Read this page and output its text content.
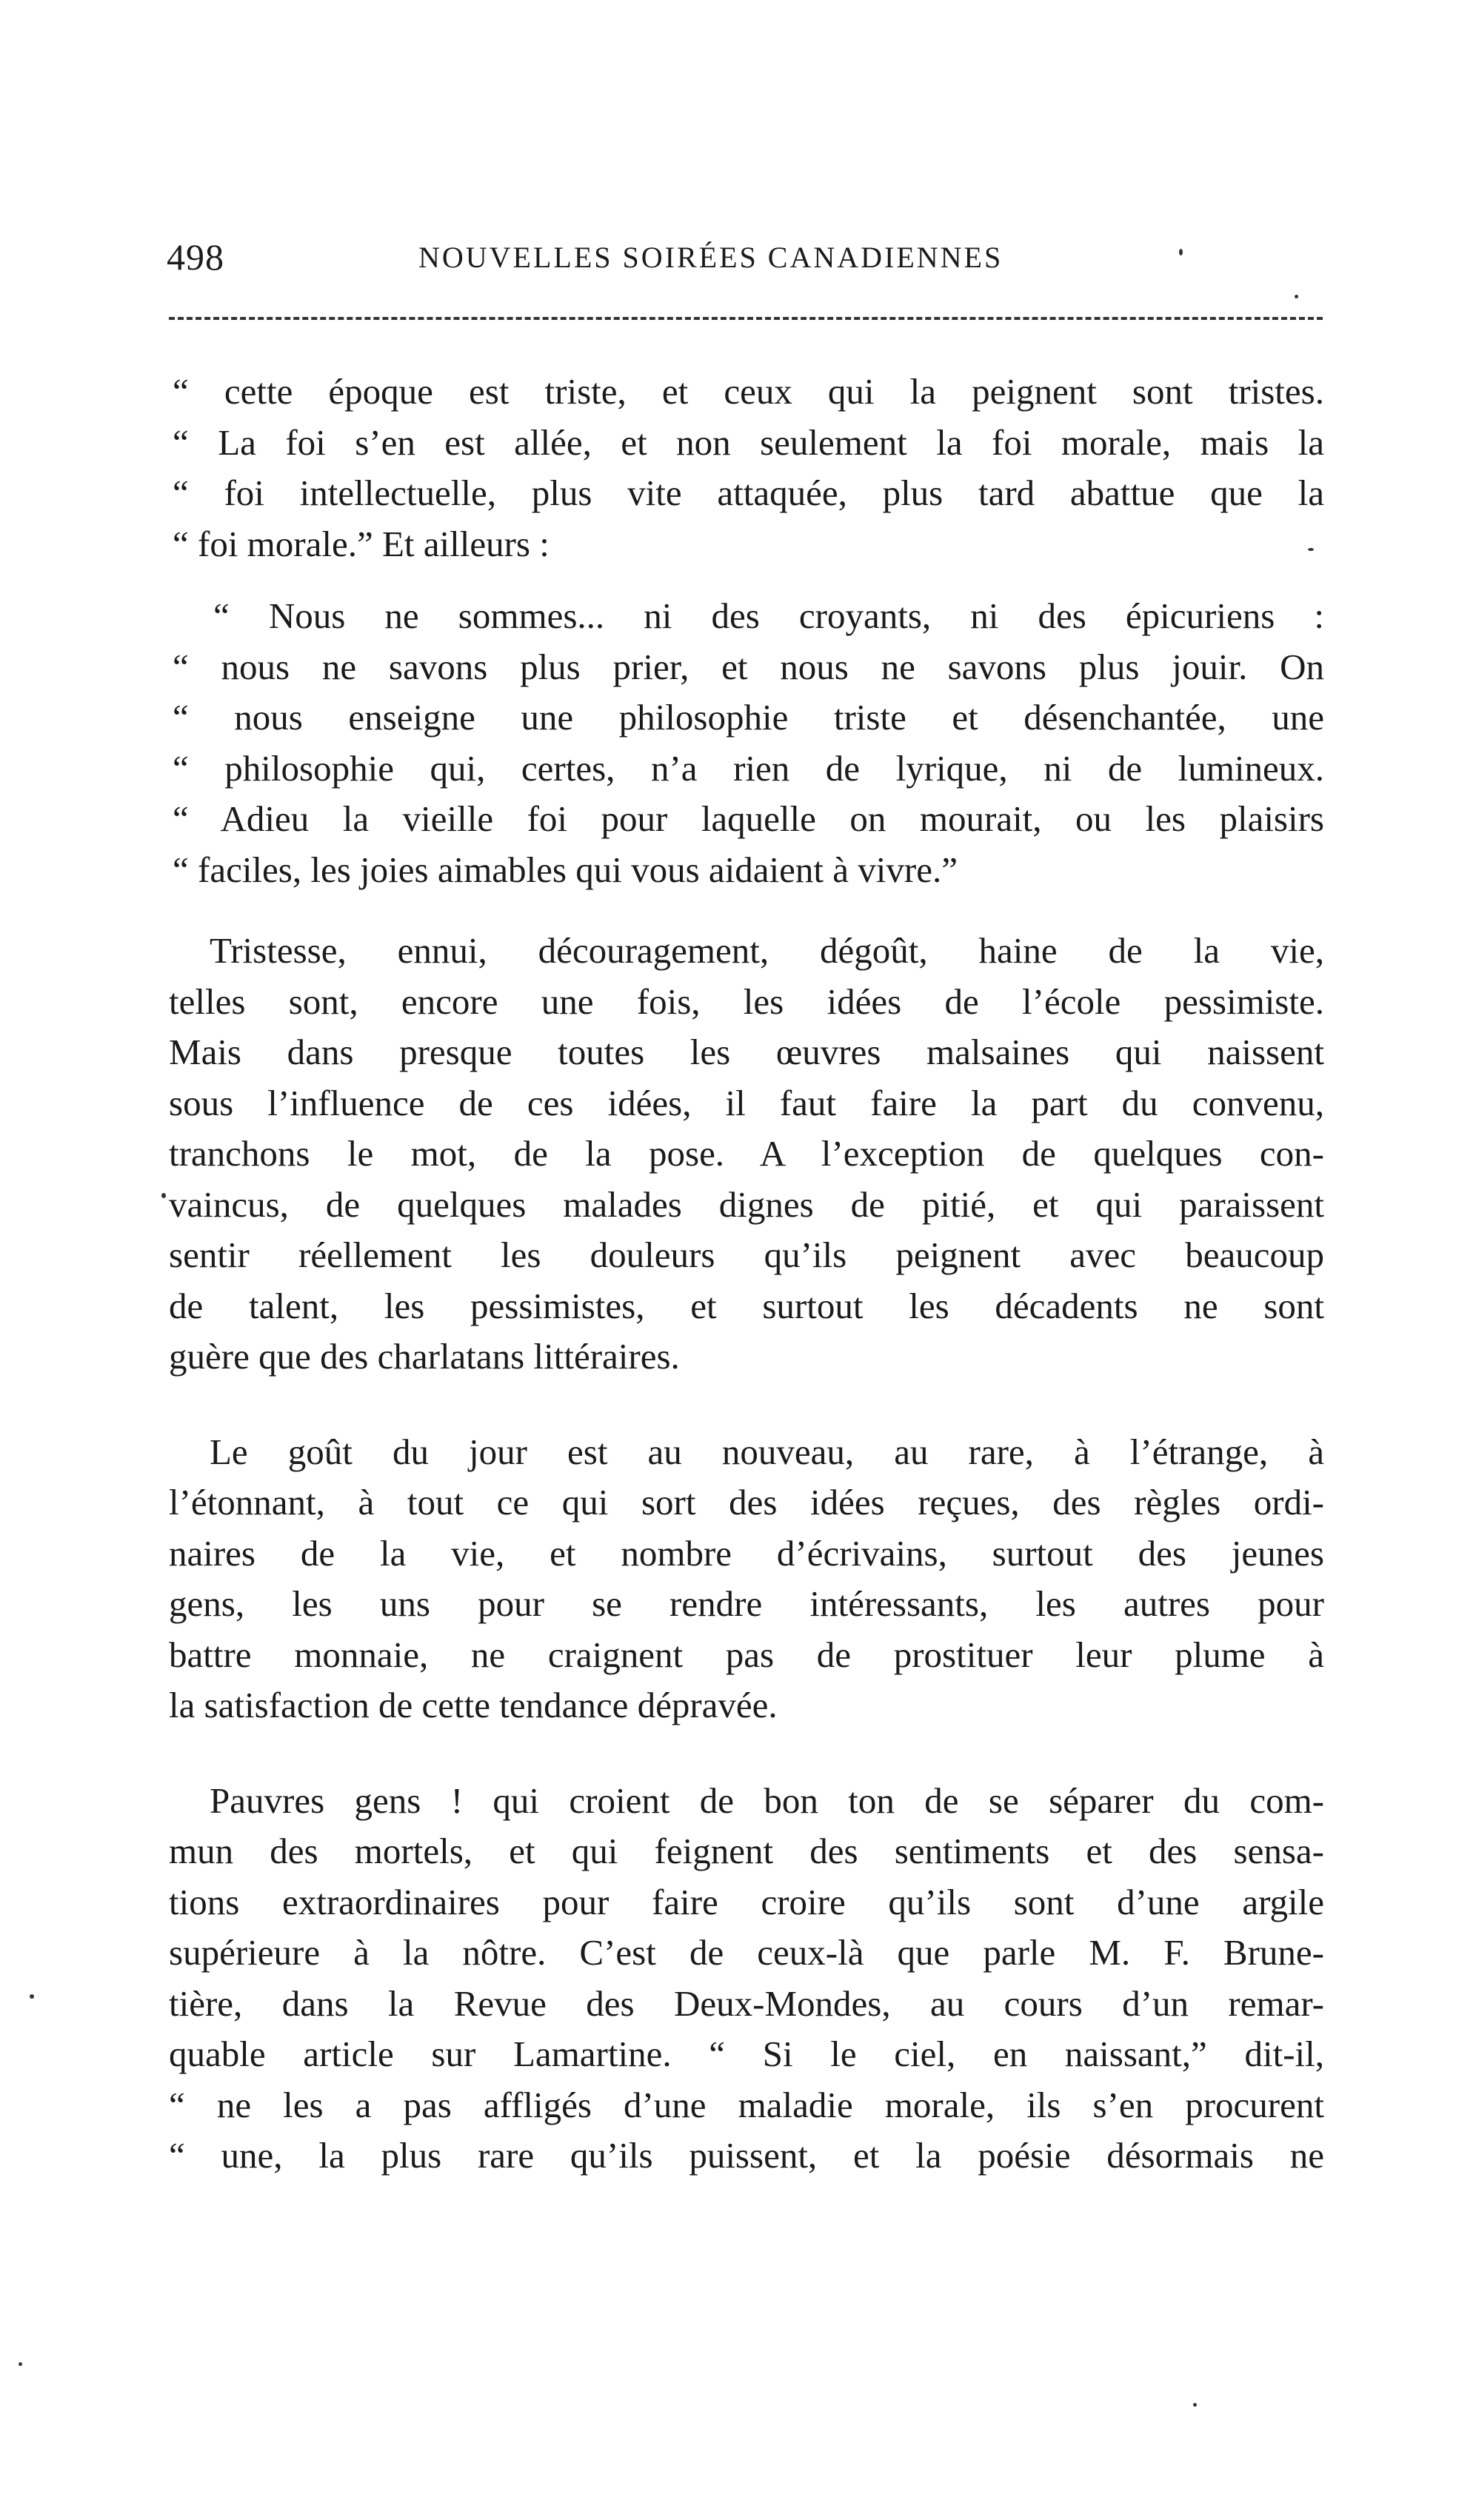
498	NOUVELLES SOIRÉES CANADIENNES
“ cette époque est triste, et ceux qui la peignent sont tristes.
“ La foi s’en est allée, et non seulement la foi morale, mais la
“ foi intellectuelle, plus vite attaquée, plus tard abattue que la
“ foi morale.” Et ailleurs :
“ Nous ne sommes... ni des croyants, ni des épicuriens :
“ nous ne savons plus prier, et nous ne savons plus jouir. On
“ nous enseigne une philosophie triste et désenchantée, une
“ philosophie qui, certes, n’a rien de lyrique, ni de lumineux.
“ Adieu la vieille foi pour laquelle on mourait, ou les plaisirs
“ faciles, les joies aimables qui vous aidaient à vivre.”
Tristesse, ennui, découragement, dégoût, haine de la vie,
telles sont, encore une fois, les idées de l’école pessimiste.
Mais dans presque toutes les œuvres malsaines qui naissent
sous l’influence de ces idées, il faut faire la part du convenu,
tranchons le mot, de la pose. A l’exception de quelques con-
vaincus, de quelques malades dignes de pitié, et qui paraissent
sentir réellement les douleurs qu’ils peignent avec beaucoup
de talent, les pessimistes, et surtout les décadents ne sont
guère que des charlatans littéraires.
Le goût du jour est au nouveau, au rare, à l’étrange, à
l’étonnant, à tout ce qui sort des idées reçues, des règles ordi-
naires de la vie, et nombre d’écrivains, surtout des jeunes
gens, les uns pour se rendre intéressants, les autres pour
battre monnaie, ne craignent pas de prostituer leur plume à
la satisfaction de cette tendance dépravée.
Pauvres gens ! qui croient de bon ton de se séparer du com-
mun des mortels, et qui feignent des sentiments et des sensa-
tions extraordinaires pour faire croire qu’ils sont d’une argile
supérieure à la nôtre. C’est de ceux-là que parle M. F. Brune-
tière, dans la Revue des Deux-Mondes, au cours d’un remar-
quable article sur Lamartine. “ Si le ciel, en naissant,” dit-il,
“ ne les a pas affligés d’une maladie morale, ils s’en procurent
“ une, la plus rare qu’ils puissent, et la poésie désormais ne
